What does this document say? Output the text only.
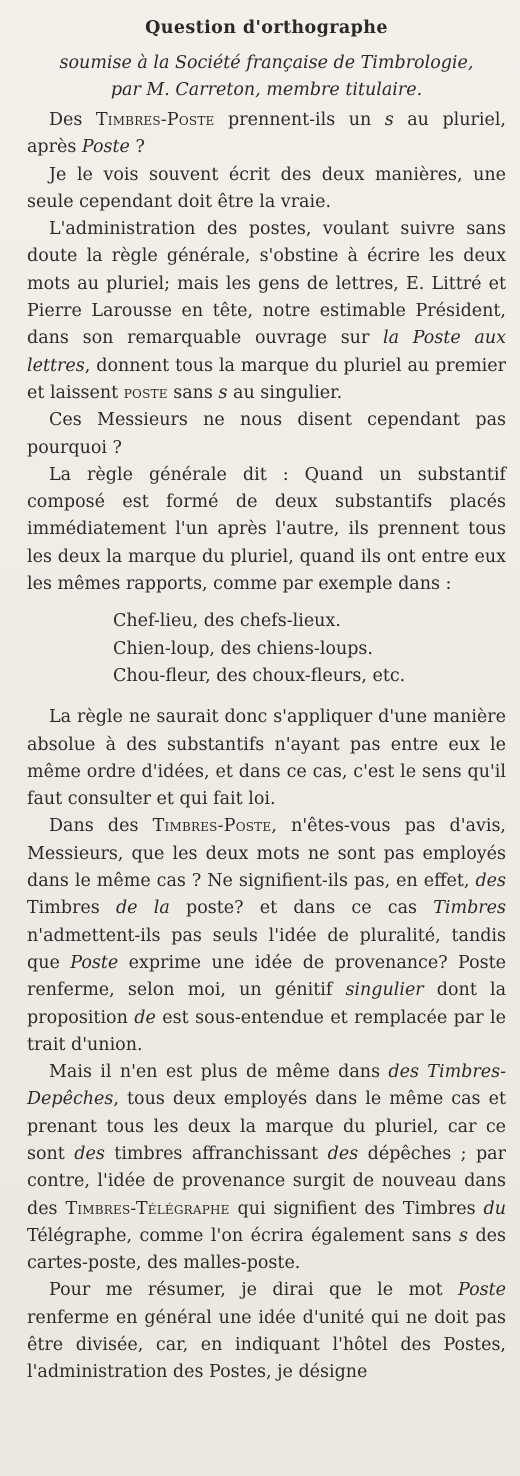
Question d'orthographe
soumise à la Société française de Timbrologie,
par M. Carreton, membre titulaire.

Des Timbres-Poste prennent-ils un s au pluriel, après Poste ?

Je le vois souvent écrit des deux manières, une seule cependant doit être la vraie.

L'administration des postes, voulant suivre sans doute la règle générale, s'obstine à écrire les deux mots au pluriel; mais les gens de lettres, E. Littré et Pierre Larousse en tête, notre estimable Président, dans son remarquable ouvrage sur la Poste aux lettres, donnent tous la marque du pluriel au premier et laissent poste sans s au singulier.

Ces Messieurs ne nous disent cependant pas pourquoi ?

La règle générale dit : Quand un substantif composé est formé de deux substantifs placés immédiatement l'un après l'autre, ils prennent tous les deux la marque du pluriel, quand ils ont entre eux les mêmes rapports, comme par exemple dans :

Chef-lieu, des chefs-lieux.
Chien-loup, des chiens-loups.
Chou-fleur, des choux-fleurs, etc.

La règle ne saurait donc s'appliquer d'une manière absolue à des substantifs n'ayant pas entre eux le même ordre d'idées, et dans ce cas, c'est le sens qu'il faut consulter et qui fait loi.

Dans des Timbres-Poste, n'êtes-vous pas d'avis, Messieurs, que les deux mots ne sont pas employés dans le même cas ? Ne signifient-ils pas, en effet, des Timbres de la poste? et dans ce cas Timbres n'admettent-ils pas seuls l'idée de pluralité, tandis que Poste exprime une idée de provenance? Poste renferme, selon moi, un génitif singulier dont la proposition de est sous-entendue et remplacée par le trait d'union.

Mais il n'en est plus de même dans des Timbres-Depêches, tous deux employés dans le même cas et prenant tous les deux la marque du pluriel, car ce sont des timbres affranchissant des dépêches ; par contre, l'idée de provenance surgit de nouveau dans des Timbres-Télégraphe qui signifient des Timbres du Télégraphe, comme l'on écrira également sans s des cartes-poste, des malles-poste.

Pour me résumer, je dirai que le mot Poste renferme en général une idée d'unité qui ne doit pas être divisée, car, en indiquant l'hôtel des Postes, l'administration des Postes, je désigne
